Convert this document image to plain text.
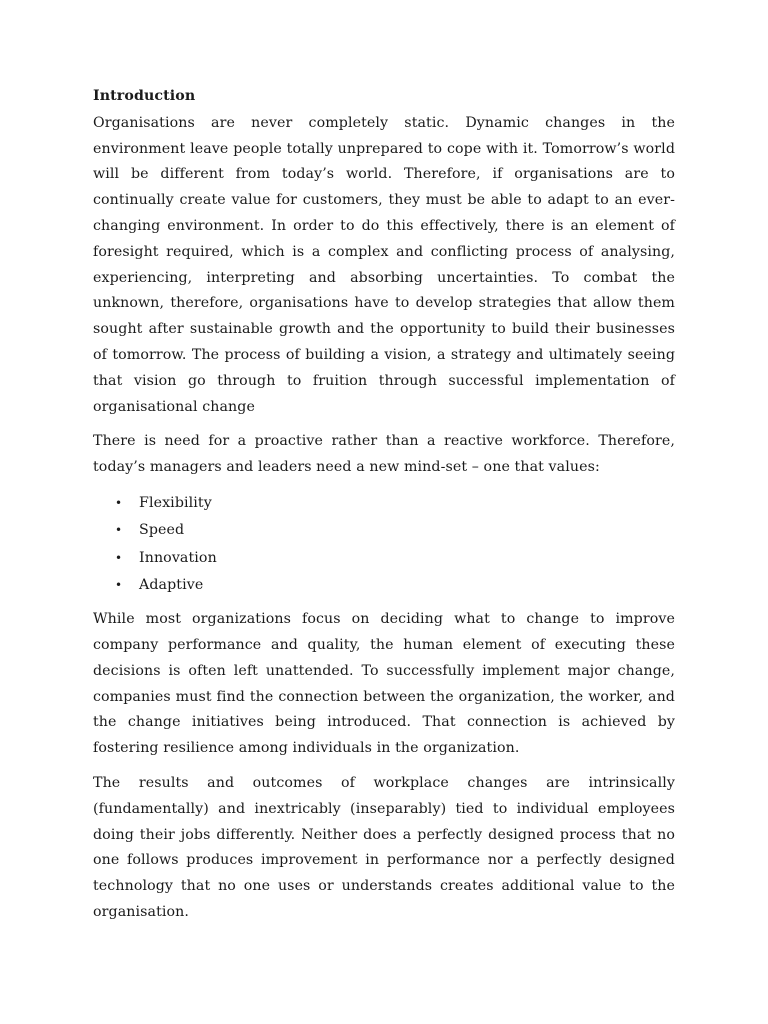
Introduction

Organisations are never completely static. Dynamic changes in the environment leave people totally unprepared to cope with it. Tomorrow’s world will be different from today’s world. Therefore, if organisations are to continually create value for customers, they must be able to adapt to an ever-changing environment. In order to do this effectively, there is an element of foresight required, which is a complex and conflicting process of analysing, experiencing, interpreting and absorbing uncertainties. To combat the unknown, therefore, organisations have to develop strategies that allow them sought after sustainable growth and the opportunity to build their businesses of tomorrow. The process of building a vision, a strategy and ultimately seeing that vision go through to fruition through successful implementation of organisational change

There is need for a proactive rather than a reactive workforce. Therefore, today’s managers and leaders need a new mind-set – one that values:

• Flexibility
• Speed
• Innovation
• Adaptive

While most organizations focus on deciding what to change to improve company performance and quality, the human element of executing these decisions is often left unattended. To successfully implement major change, companies must find the connection between the organization, the worker, and the change initiatives being introduced. That connection is achieved by fostering resilience among individuals in the organization.

The results and outcomes of workplace changes are intrinsically (fundamentally) and inextricably (inseparably) tied to individual employees doing their jobs differently. Neither does a perfectly designed process that no one follows produces improvement in performance nor a perfectly designed technology that no one uses or understands creates additional value to the organisation.
